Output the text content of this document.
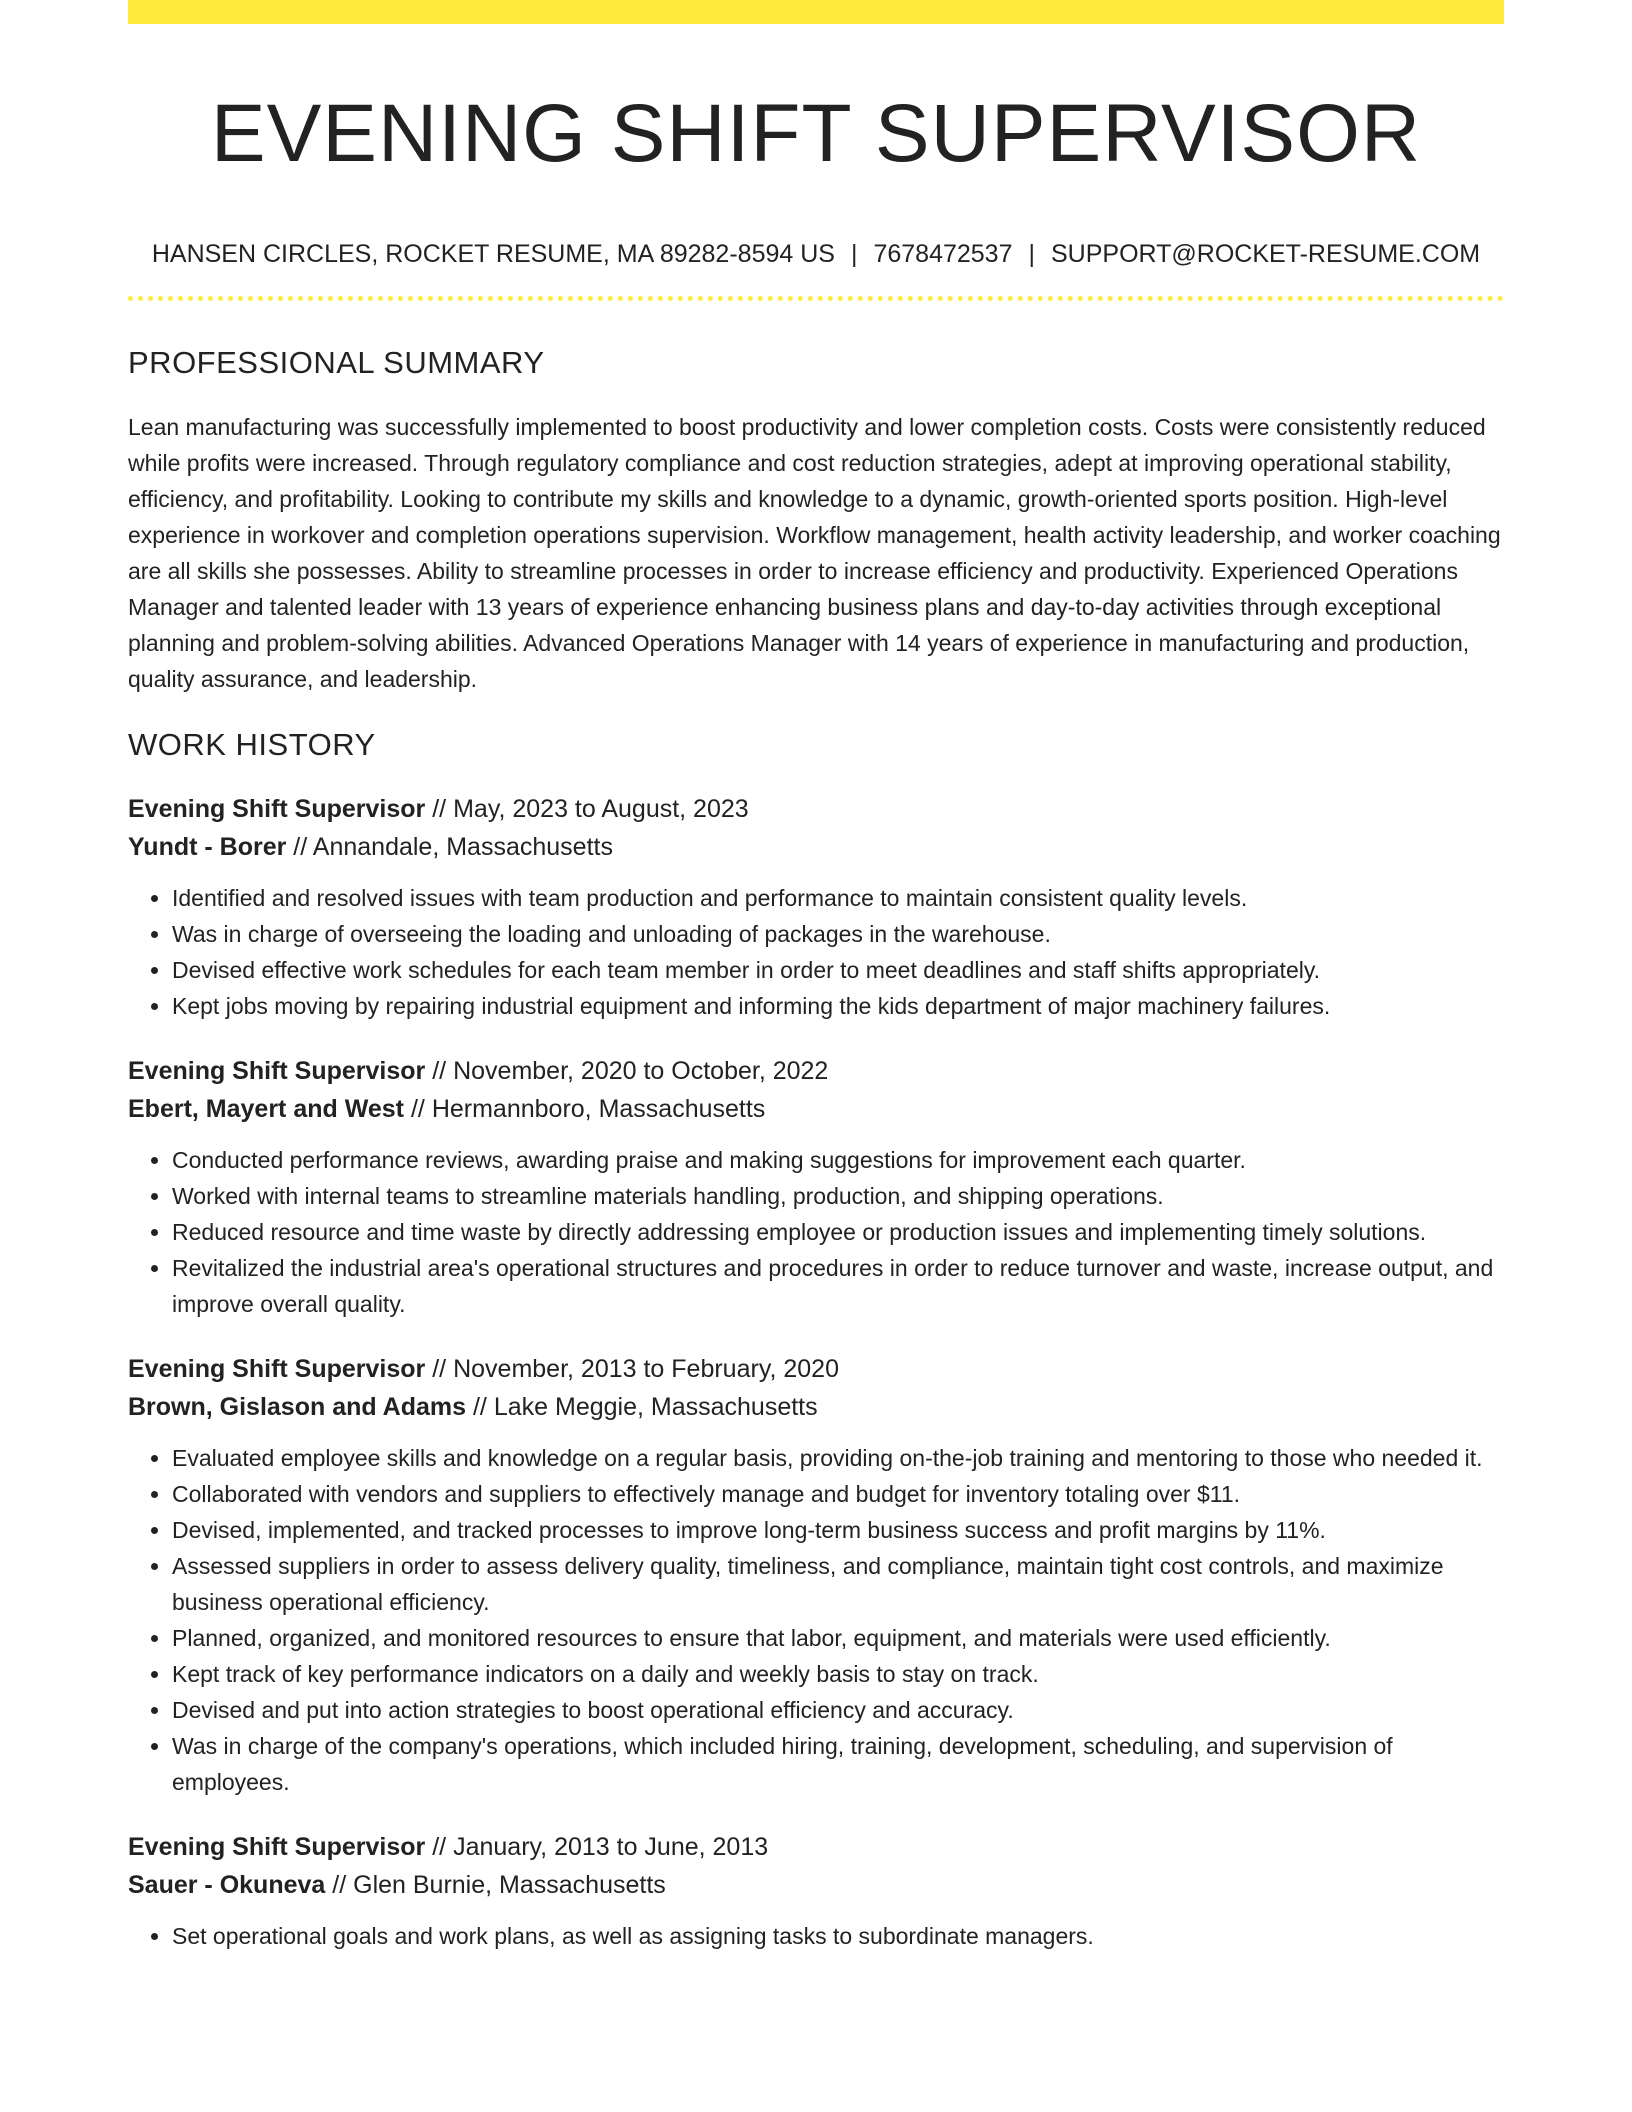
EVENING SHIFT SUPERVISOR
HANSEN CIRCLES, ROCKET RESUME, MA 89282-8594 US | 7678472537 | SUPPORT@ROCKET-RESUME.COM
PROFESSIONAL SUMMARY

Lean manufacturing was successfully implemented to boost productivity and lower completion costs. Costs were consistently reduced while profits were increased. Through regulatory compliance and cost reduction strategies, adept at improving operational stability, efficiency, and profitability. Looking to contribute my skills and knowledge to a dynamic, growth-oriented sports position. High-level experience in workover and completion operations supervision. Workflow management, health activity leadership, and worker coaching are all skills she possesses. Ability to streamline processes in order to increase efficiency and productivity. Experienced Operations Manager and talented leader with 13 years of experience enhancing business plans and day-to-day activities through exceptional planning and problem-solving abilities. Advanced Operations Manager with 14 years of experience in manufacturing and production, quality assurance, and leadership.

WORK HISTORY
Evening Shift Supervisor // May, 2023 to August, 2023
Yundt - Borer // Annandale, Massachusetts
• Identified and resolved issues with team production and performance to maintain consistent quality levels.
• Was in charge of overseeing the loading and unloading of packages in the warehouse.
• Devised effective work schedules for each team member in order to meet deadlines and staff shifts appropriately.
• Kept jobs moving by repairing industrial equipment and informing the kids department of major machinery failures.
Evening Shift Supervisor // November, 2020 to October, 2022
Ebert, Mayert and West // Hermannboro, Massachusetts
• Conducted performance reviews, awarding praise and making suggestions for improvement each quarter.
• Worked with internal teams to streamline materials handling, production, and shipping operations.
• Reduced resource and time waste by directly addressing employee or production issues and implementing timely solutions.
• Revitalized the industrial area's operational structures and procedures in order to reduce turnover and waste, increase output, and improve overall quality.
Evening Shift Supervisor // November, 2013 to February, 2020
Brown, Gislason and Adams // Lake Meggie, Massachusetts
• Evaluated employee skills and knowledge on a regular basis, providing on-the-job training and mentoring to those who needed it.
• Collaborated with vendors and suppliers to effectively manage and budget for inventory totaling over $11.
• Devised, implemented, and tracked processes to improve long-term business success and profit margins by 11%.
• Assessed suppliers in order to assess delivery quality, timeliness, and compliance, maintain tight cost controls, and maximize business operational efficiency.
• Planned, organized, and monitored resources to ensure that labor, equipment, and materials were used efficiently.
• Kept track of key performance indicators on a daily and weekly basis to stay on track.
• Devised and put into action strategies to boost operational efficiency and accuracy.
• Was in charge of the company's operations, which included hiring, training, development, scheduling, and supervision of employees.
Evening Shift Supervisor // January, 2013 to June, 2013
Sauer - Okuneva // Glen Burnie, Massachusetts
• Set operational goals and work plans, as well as assigning tasks to subordinate managers.
